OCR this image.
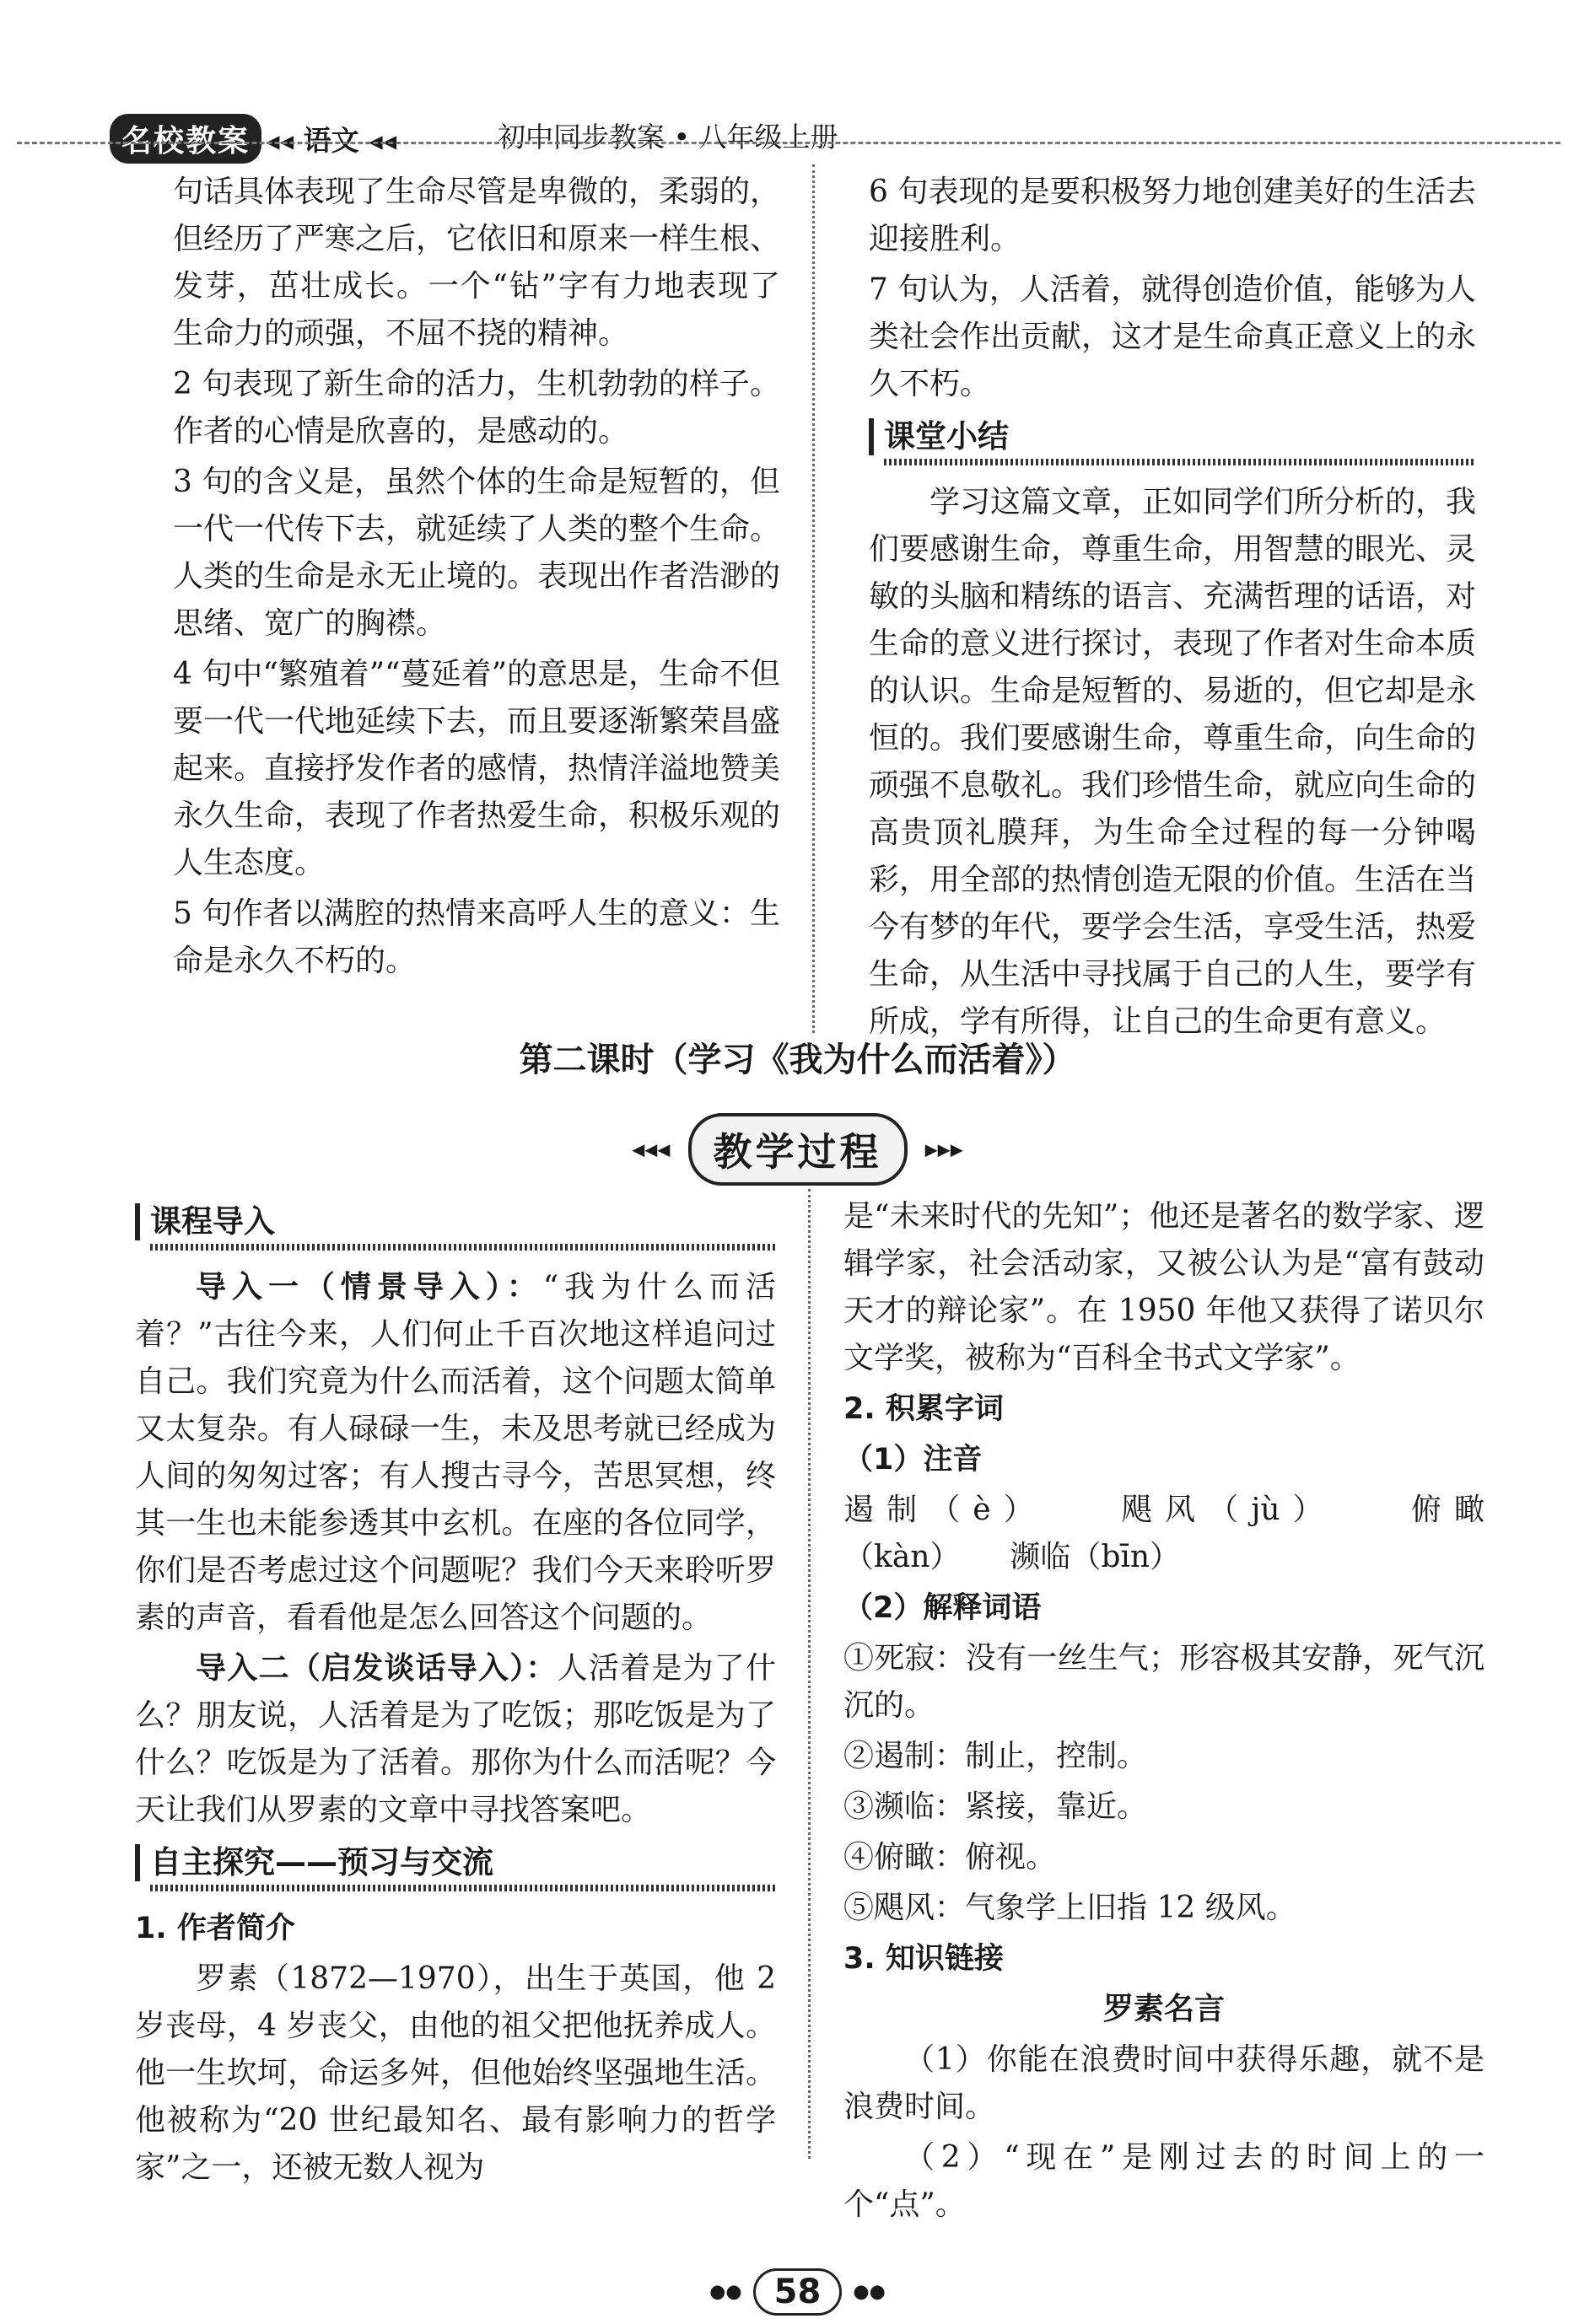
名校教案 ◂◂ 语文 ◂◂	初中同步教案 • 八年级上册

句话具体表现了生命尽管是卑微的，柔弱的，但经历了严寒之后，它依旧和原来一样生根、发芽，茁壮成长。一个“钻”字有力地表现了生命力的顽强，不屈不挠的精神。

2 句表现了新生命的活力，生机勃勃的样子。作者的心情是欣喜的，是感动的。

3 句的含义是，虽然个体的生命是短暂的，但一代一代传下去，就延续了人类的整个生命。人类的生命是永无止境的。表现出作者浩渺的思绪、宽广的胸襟。

4 句中“繁殖着”“蔓延着”的意思是，生命不但要一代一代地延续下去，而且要逐渐繁荣昌盛起来。直接抒发作者的感情，热情洋溢地赞美永久生命，表现了作者热爱生命，积极乐观的人生态度。

5 句作者以满腔的热情来高呼人生的意义：生命是永久不朽的。

6 句表现的是要积极努力地创建美好的生活去迎接胜利。

7 句认为，人活着，就得创造价值，能够为人类社会作出贡献，这才是生命真正意义上的永久不朽。

课堂小结

学习这篇文章，正如同学们所分析的，我们要感谢生命，尊重生命，用智慧的眼光、灵敏的头脑和精练的语言、充满哲理的话语，对生命的意义进行探讨，表现了作者对生命本质的认识。生命是短暂的、易逝的，但它却是永恒的。我们要感谢生命，尊重生命，向生命的顽强不息敬礼。我们珍惜生命，就应向生命的高贵顶礼膜拜，为生命全过程的每一分钟喝彩，用全部的热情创造无限的价值。生活在当今有梦的年代，要学会生活，享受生活，热爱生命，从生活中寻找属于自己的人生，要学有所成，学有所得，让自己的生命更有意义。

第二课时（学习《我为什么而活着》）
◂◂◂ 教学过程 ▸▸▸
课程导入

导入一（情景导入）：“我为什么而活着？”古往今来，人们何止千百次地这样追问过自己。我们究竟为什么而活着，这个问题太简单又太复杂。有人碌碌一生，未及思考就已经成为人间的匆匆过客；有人搜古寻今，苦思冥想，终其一生也未能参透其中玄机。在座的各位同学，你们是否考虑过这个问题呢？我们今天来聆听罗素的声音，看看他是怎么回答这个问题的。

导入二（启发谈话导入）：人活着是为了什么？朋友说，人活着是为了吃饭；那吃饭是为了什么？吃饭是为了活着。那你为什么而活呢？今天让我们从罗素的文章中寻找答案吧。

自主探究——预习与交流
1. 作者简介

罗素（1872—1970），出生于英国，他 2 岁丧母，4 岁丧父，由他的祖父把他抚养成人。他一生坎坷，命运多舛，但他始终坚强地生活。他被称为“20 世纪最知名、最有影响力的哲学家”之一，还被无数人视为

是“未来时代的先知”；他还是著名的数学家、逻辑学家，社会活动家，又被公认为是“富有鼓动天才的辩论家”。在 1950 年他又获得了诺贝尔文学奖，被称为“百科全书式文学家”。

2. 积累字词
（1）注音

遏制（è） 飓风（jù） 俯瞰（kàn） 濒临（bīn）

（2）解释词语

①死寂：没有一丝生气；形容极其安静，死气沉沉的。

②遏制：制止，控制。

③濒临：紧接，靠近。

④俯瞰：俯视。

⑤飓风：气象学上旧指 12 级风。

3. 知识链接

罗素名言

（1）你能在浪费时间中获得乐趣，就不是浪费时间。

（2）“现在”是刚过去的时间上的一个“点”。

●● 58 ●●
